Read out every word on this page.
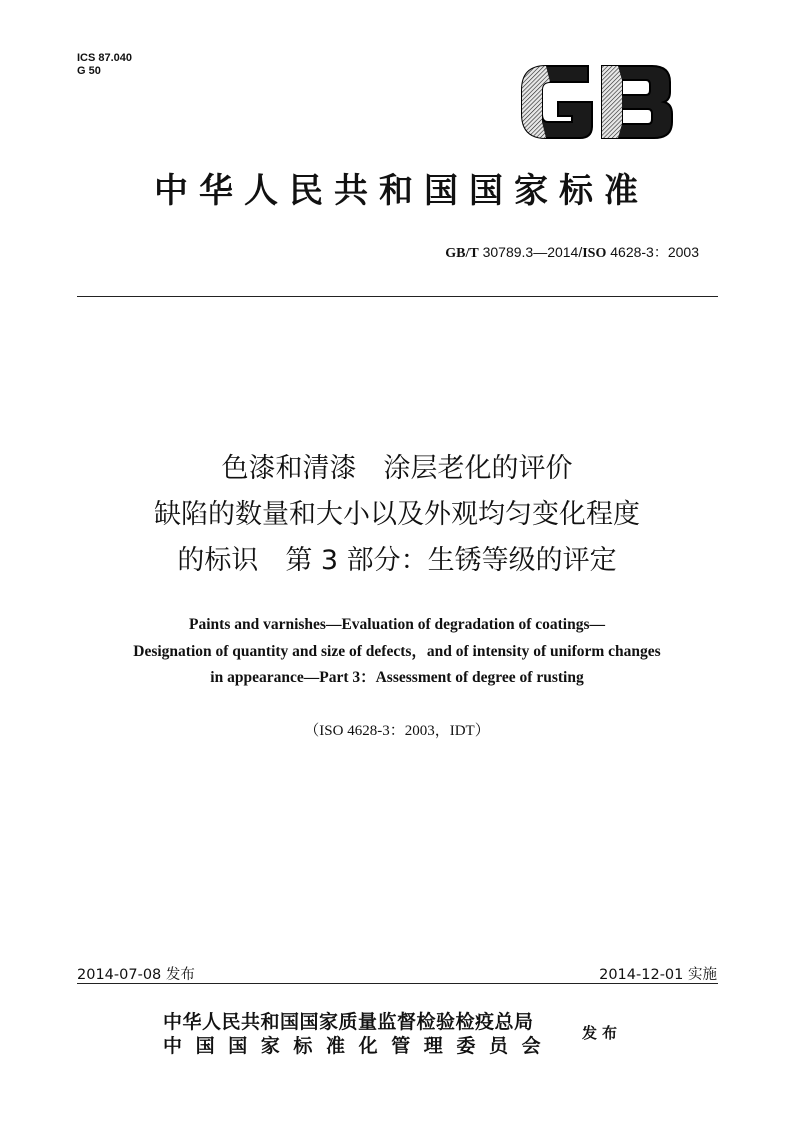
ICS 87.040
G 50
中华人民共和国国家标准
GB/T 30789.3—2014/ISO 4628-3：2003
色漆和清漆　涂层老化的评价
缺陷的数量和大小以及外观均匀变化程度
的标识　第 3 部分：生锈等级的评定
Paints and varnishes—Evaluation of degradation of coatings—
Designation of quantity and size of defects，and of intensity of uniform changes
in appearance—Part 3：Assessment of degree of rusting
（ISO 4628-3：2003，IDT）
2014-07-08 发布	2014-12-01 实施
中华人民共和国国家质量监督检验检疫总局
中国国家标准化管理委员会
发布
